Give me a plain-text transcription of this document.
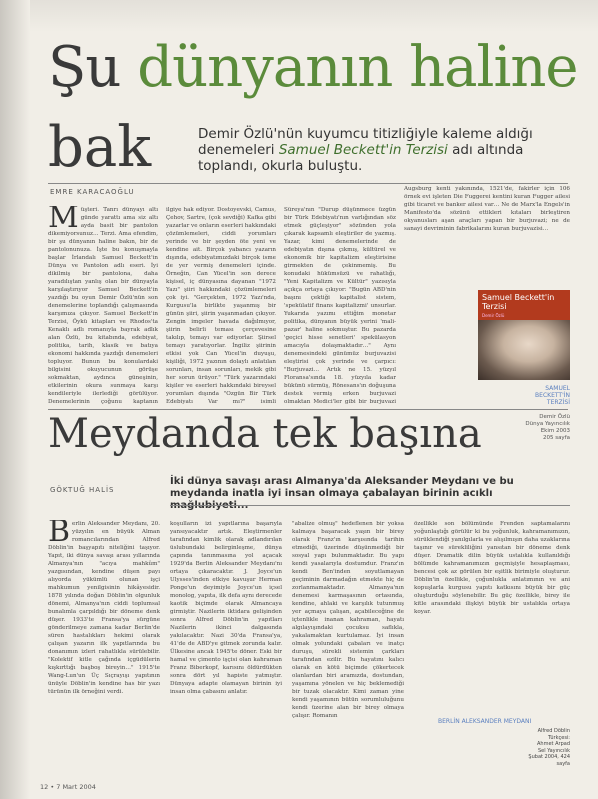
Şu dünyanın haline
bak	Demir Özlü'nün kuyumcu titizliğiyle kaleme aldığı denemeleri Samuel Beckett'in Terzisi adı altında toplandı, okurla buluştu.
EMRE KARACAOĞLU
Müşteri. Tanrı dünyayı altı günde yarattı ama siz altı ayda basit bir pantolon dikemiyorsunuz… Terzi. Ama efendim, bir şu dünyanın haline bakın, bir de pantolonunuza. İşte bu konuşmayla başlar İrlandalı Samuel Beckett'in Dünya ve Pantolon adlı eseri. İyi dikilmiş bir pantolona, daha yaradılıştan yanlış olan bir dünyayla karşılaştırıyor Samuel Beckett'in yazdığı bu oyun Demir Özlü'nün son denemelerine toplandığı çalışmasında karşımıza çıkıyor. Samuel Beckett'in Terzisi, Öykü kitapları ve Rhodos'ta Kenaklı adlı romanıyla bayrak adlık alan Özlü, bu kitabında, edebiyat, politika, tarih, klasik ve batıya ekonomi hakkında yazdığı denemeleri topluyor. Bunun bu konulardaki bilgisini okuyucunun görüşe sokmaktan, aydınca güneşinin, etkilerinin okura sunmaya karşı kendileriyle ilerlediği görülüyor. Denemelerinin çoğunu kaptanın
ilgiye hak ediyor. Dostoyevski, Camus, Çehov, Sartre, (çok sevdiği) Kafka gibi yazarlar ve onların eserleri hakkındaki çözümlemeleri, ciddi yorumları yerinde ve bir şeyden öte yeni ve kendine ait. Birçok yabancı yazarın dışında, edebiyatımızdaki birçok isme de yer vermiş denemeleri içinde. Örneğin, Can Yücel'in son derece kişisel, iç dünyasına dayanan "1972 Yazı" şiiri hakkındaki çözümlemeleri çok iyi. "Gerçekten, 1972 Yazı'nda, Kurgusu'la birlikte yaşanmış bir günün şiiri, şiirin yaşanmadan çıkıyor. Zengin imgeler havada dağılmıyor, şiirin belirli teması çerçevesine takılıp, temayı var ediyorlar. Şiirsel temayı yaratıyorlar. İngiliz şiirinin etkisi yok Can Yücel'in duyuşu, kişiliği, 1972 yazının dolaylı anlatılan sorunları, insan sorunları, mekik gibi her sorun ürüyor." "Türk yazarındaki kişiler ve eserleri hakkındaki bireysel yorumları dışında "Ozgün Bir Türk Edebiyatı Var mı?" isimli
Süreya'nın "Durup düşünmece üzgün bir Türk Edebiyatı'nın varlığından söz etmek güçleşiyor" sözünden yola çıkarak kapsamlı eleştiriler de yazmış. Yazar, kimi denemelerinde de edebiyatın dışına çıkmış, kültürel ve ekonomik bir kapitalizm eleştirisine girmekten de çekinmemiş. Bu konudaki hükümsüzü ve rahatlığı, "Yeni Kapitalizm ve Kültür" yazısıyla açıkça ortaya çıkıyor: "Bugün ABD'nin başını çektiği kapitalist sistem, 'spekülatif finans kapitalizmi' unsurlar. Yukarıda yazımı ettiğim monetar politika, dünyanın büyük yerini 'mali-pazar' haline sokmuştur. Bu pazarda 'geçici hisse senetleri' spekülasyon amacıyla dolaşmaktadır…" Aynı denemesindeki günümüz burjuvazisi eleştirisi çok yerinde ve çarpıcı: "Burjuvazi… Artık ne 15. yüzyıl Floransa'sında 18. yüzyıla kadar bükünü sürmüş, Rönesans'ın doğuşuna destek vermiş erken burjuvazi olmaktan Medici'ler gibi bir burjuvazi
Augsburg kenti yakınında, 1521'de, fakirler için 106 örnek evi işleten Die Fuggerei kentini kuran Fugger ailesi gibi ticaret ve banker ailesi var… Ne de Marx'la Engels'in Manifesto'da sözünü ettikleri kıtaları birleştiren okyanusları aşan araçları yapan bir burjuvazi; ne de sanayi devriminin fabrikalarını kuran burjuvazisi…
Samuel Beckett'in Terzisi
Demir Özlü
SAMUEL BECKETT'İN TERZİSİ
Demir Özlü
Dünya Yayıncılık
Ekim 2003
205 sayfa
Meydanda tek başına
GÖKTUĞ HALİS
İki dünya savaşı arası Almanya'da Aleksander Meydanı ve bu meydanda inatla iyi insan olmaya çabalayan birinin acıklı
Berlin Aleksander Meydanı, 20. yüzyılın en büyük Alman romancılarından Alfred Döblin'in başyapıtı niteliğini taşıyor. Yapıt, iki dünya savaşı arası yıllarında Almanya'nın "acıya mahkûm" yazgısından, kendine düşen payı alıyorda yükümlü olunan işçi mahkumun yenilgisinin hikâyesidir. 1878 yılında doğan Döblin'in olgunluk dönemi, Almanya'nın ciddi toplumsal bunalımla çarpıldığı bir döneme denk düşer. 1933'te Fransa'ya sürgüne gönderilmeye zamana kadar Berlin'de süren hastalıkları hekimi olarak çalışan yazarın ilk yapıtlarında bu donanımın izleri rahatlıkla sürülebilir. "Kolektif kitle çağında içgüdülerin kışkırttığı başboş bireyin…" 1915'te Wang-Lun'un Üç Sıçrayışı yapıtının ünüyle Döblin'in kendine has bir yazı türünün ilk örneğini verdi.
koşulların izi yapıtlarına başarıyla yansıyacaktır artık. Eleştirmenler tarafından kimlik olarak adlandırılan üslubundaki belirginleşme, dünya çapında tanınmasına yol açacak 1929'da Berlin Aleksander Meydanı'nı ortaya çıkaracaktır. J. Joyce'un Ulysses'inden etkiye kavuşur Herman Ponge'un deyimiyle Joyce'un içsel monolog, yapıta, ilk defa aynı derecede kaotik biçimde olarak Almancaya girmiştir. Nazilerin iktidara gelişinden sonra Alfred Döblin'in yapıtları Nazilerin ikinci dalgasında yakılacaktır. Nazi 30'da Fransa'ya, 41'de de ABD'ye gitmek zorunda kalır. Ülkesine ancak 1945'te döner. Eski bir hamal ve çimento işçisi olan kahraman Franz Biberkopf, karısını öldürdükten sonra dört yıl hapiste yatmıştır. Dünyaya adapte olamayan birinin iyi insan olma çabasını anlatır.
"abalize olmuş" hedeflenen bir yoksa kalmaya başaracak yaşın bir birey olarak Franz'ın karşısında tarihin etmediği, üzerinde düşünmediği bir sosyal yapı bulunmaktadır. Bu yapı kendi yasalarıyla dostumdur. Franz'ın kendi Ben'inden soyutlamayan geçiminin darmadağın etmekte hiç de zorlanmamaktadır. Almanya'nın denemesi karmaşasının ortasında, kendine, ahlaki ve karşılık tutunmuş yer açmaya çalışan, açabileceğine de içtenlikle inanan kahraman, hayatı algılayışındaki çocuksu saflıkla, yakalamaktan kurtulamaz. İyi insan olmak yolundaki çabaları ve inatçı duruşu, sürekli sistemin çarkları tarafından ezilir. Bu hayatını kalıcı olarak en kötü biçimde çökertecek olanlardan biri aramızda, dostundan, yaşamına yönelen ve hiç beklemediği bir tuzak olacaktır. Kimi zaman yine kendi yaşamının bütün sorumluluğunu kendi üzerine alan bir birey olmaya çalışır. Romanın
özellikle son bölümünde Frenden saptamalarını yoğunlaştığı görülür ki bu yoğunluk, kahramanımızın, sürüklendiği yanılgılarla ve alışılmışın daha uzaklarına taşınır ve sürekliliğini yansıtan bir döneme denk düşer. Dramatik dilin büyük ustalıkla kullanıldığı bölümde kahramanımızın geçmişiyle hesaplaşması, bencesi çok az görülen bir eşitlik birimiyle oluşturur. Döblin'in özellikle, çoğunlukla anlatımının ve ani kopuşlarla kurgusu yapıtı katkısını büyük bir güç oluşturduğu söylenebilir. Bu güç özellikle, birey ile kitle arasındaki ilişkiyi büyük bir ustalıkla ortaya koyar.
BERLİN ALEKSANDER MEYDANI
Alfred Döblin
Türkçesi:
Ahmet Arpad
Sel Yayıncılık
Şubat 2004, 424 sayfa
12 • 7 Mart 2004
